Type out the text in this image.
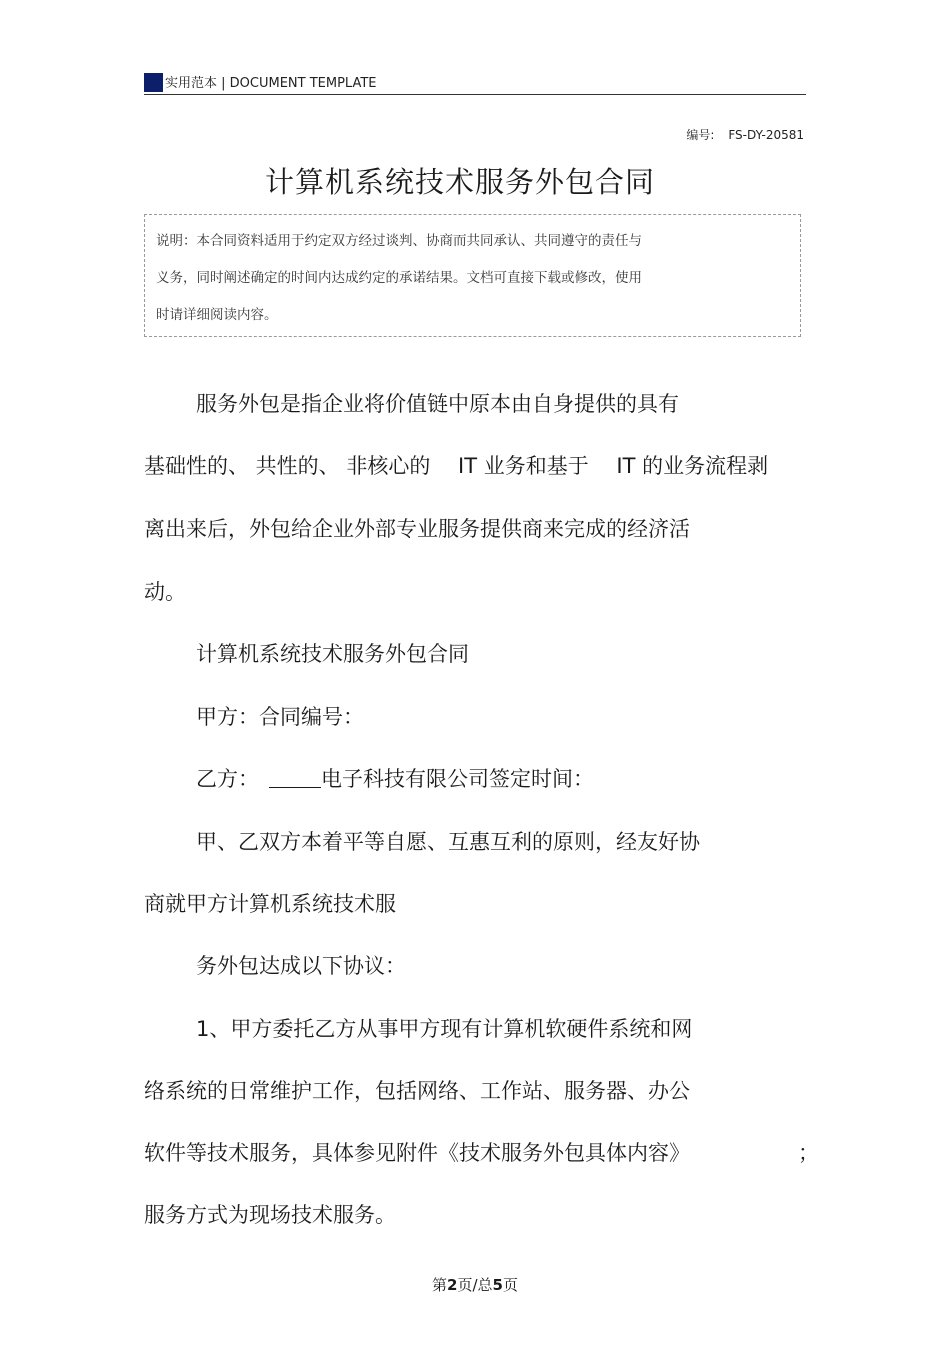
实用范本 | DOCUMENT TEMPLATE
编号: FS-DY-20581
计算机系统技术服务外包合同

说明：本合同资料适用于约定双方经过谈判、协商而共同承认、共同遵守的责任与
义务，同时阐述确定的时间内达成约定的承诺结果。文档可直接下载或修改，使用
时请详细阅读内容。

服务外包是指企业将价值链中原本由自身提供的具有
基础性的、 共性的、 非核心的 　IT 业务和基于 　IT 的业务流程剥
离出来后，外包给企业外部专业服务提供商来完成的经济活
动。
计算机系统技术服务外包合同
甲方：合同编号：
乙方：	电子科技有限公司签定时间：
甲、乙双方本着平等自愿、互惠互利的原则，经友好协
商就甲方计算机系统技术服
务外包达成以下协议：
1、甲方委托乙方从事甲方现有计算机软硬件系统和网
络系统的日常维护工作，包括网络、工作站、服务器、办公
软件等技术服务，具体参见附件《技术服务外包具体内容》	；
服务方式为现场技术服务。
第2页/总5页
